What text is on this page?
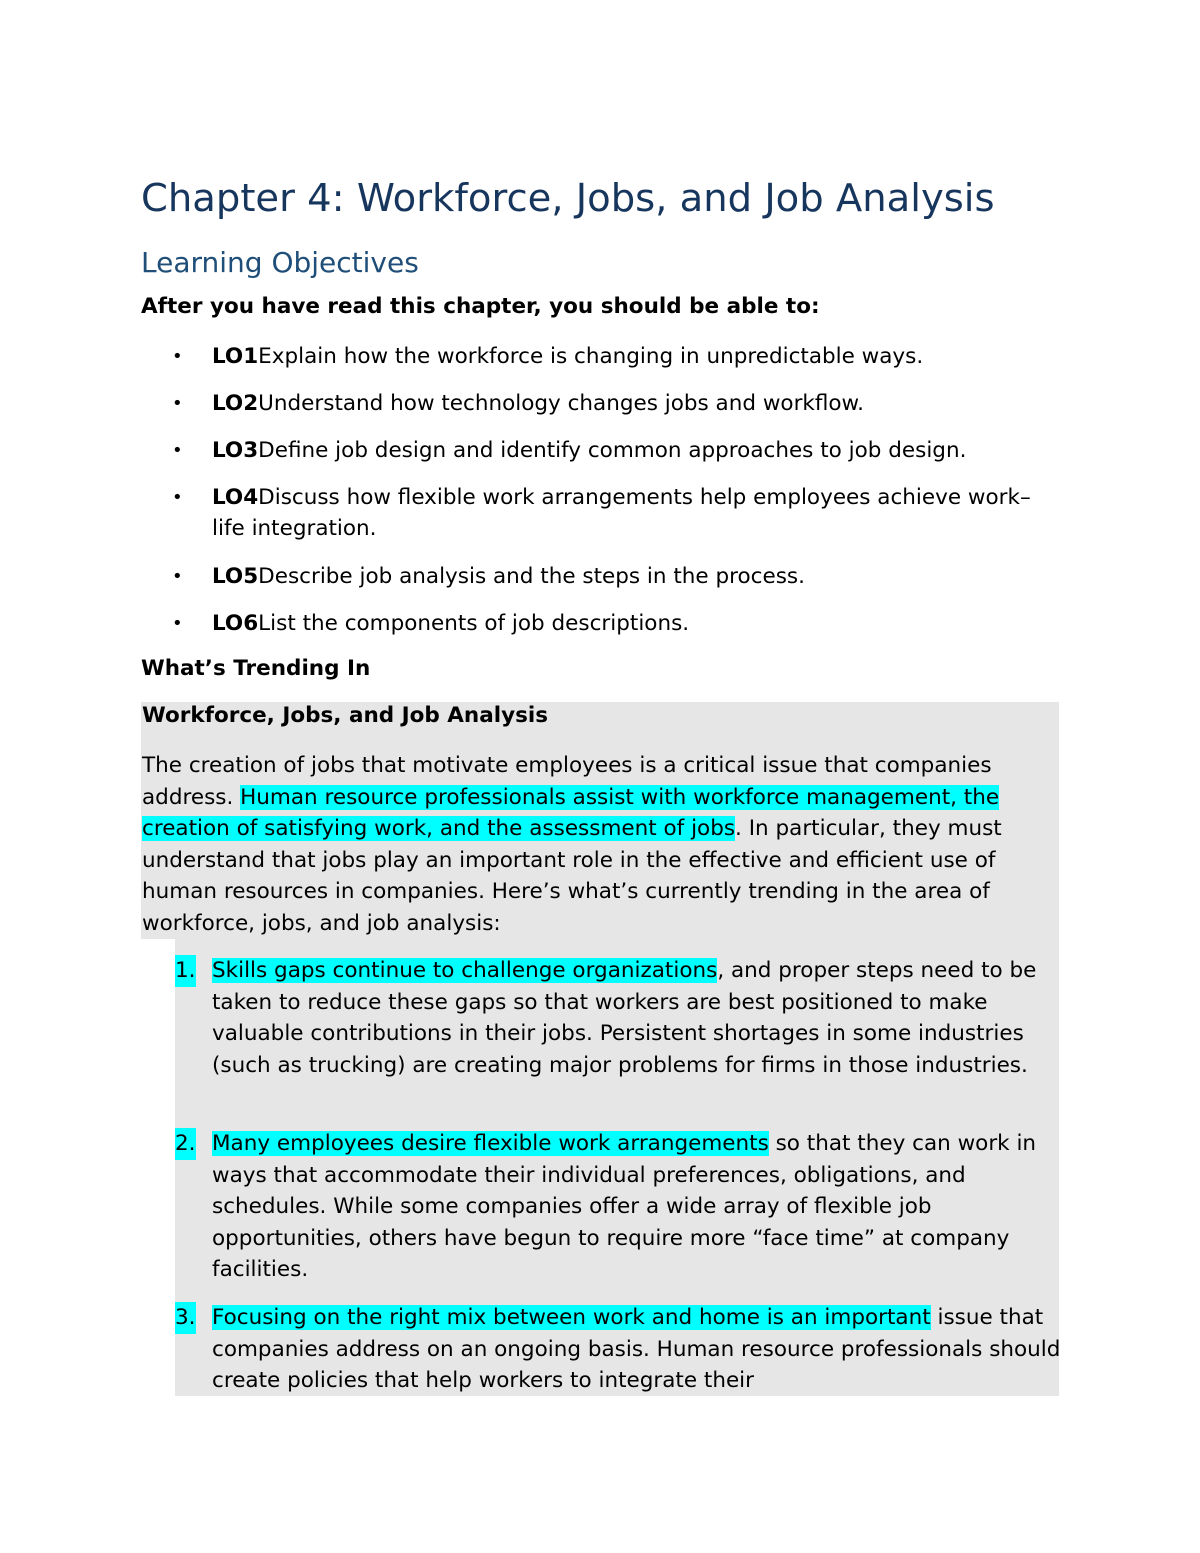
Chapter 4: Workforce, Jobs, and Job Analysis
Learning Objectives

After you have read this chapter, you should be able to:

• LO1Explain how the workforce is changing in unpredictable ways.

• LO2Understand how technology changes jobs and workflow.

• LO3Define job design and identify common approaches to job design.

• LO4Discuss how flexible work arrangements help employees achieve work–life integration.

• LO5Describe job analysis and the steps in the process.

• LO6List the components of job descriptions.

What’s Trending In

Workforce, Jobs, and Job Analysis

The creation of jobs that motivate employees is a critical issue that companies address. Human resource professionals assist with workforce management, the creation of satisfying work, and the assessment of jobs. In particular, they must understand that jobs play an important role in the effective and efficient use of human resources in companies. Here’s what’s currently trending in the area of workforce, jobs, and job analysis:

1. Skills gaps continue to challenge organizations, and proper steps need to be taken to reduce these gaps so that workers are best positioned to make valuable contributions in their jobs. Persistent shortages in some industries (such as trucking) are creating major problems for firms in those industries.

2. Many employees desire flexible work arrangements so that they can work in ways that accommodate their individual preferences, obligations, and schedules. While some companies offer a wide array of flexible job opportunities, others have begun to require more “face time” at company facilities.

3. Focusing on the right mix between work and home is an important issue that companies address on an ongoing basis. Human resource professionals should create policies that help workers to integrate their
